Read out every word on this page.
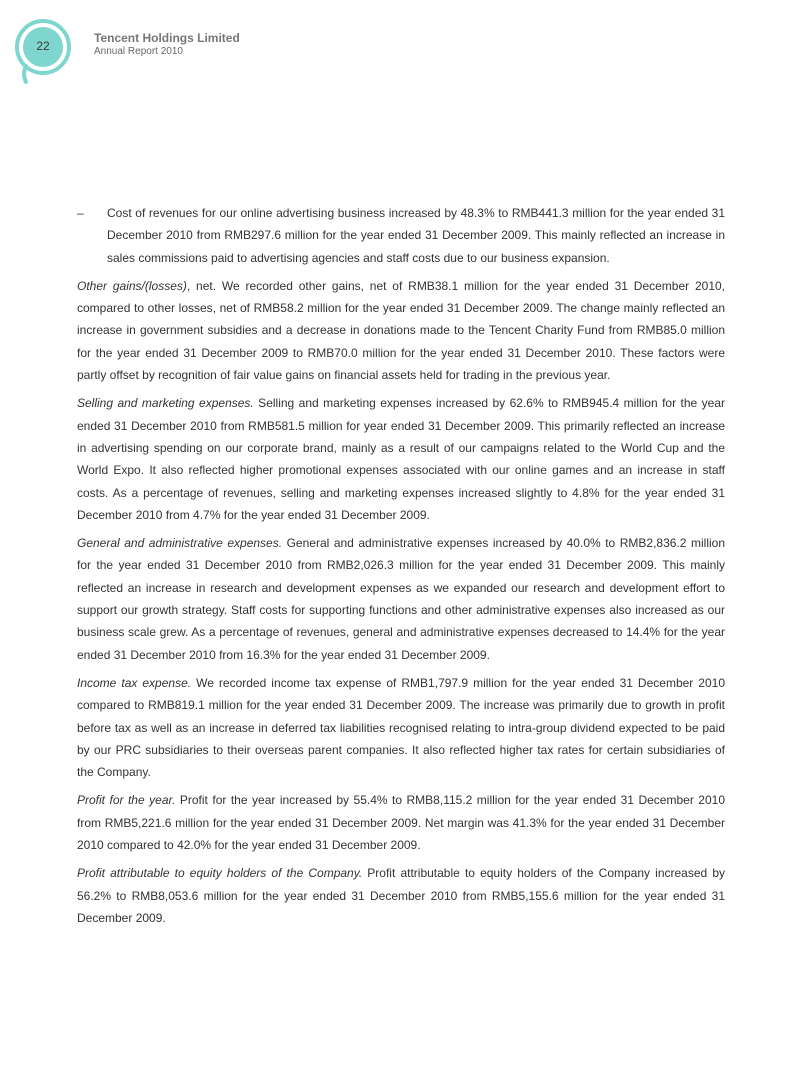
22
Tencent Holdings Limited
Annual Report 2010
– Cost of revenues for our online advertising business increased by 48.3% to RMB441.3 million for the year ended 31 December 2010 from RMB297.6 million for the year ended 31 December 2009. This mainly reflected an increase in sales commissions paid to advertising agencies and staff costs due to our business expansion.

Other gains/(losses), net. We recorded other gains, net of RMB38.1 million for the year ended 31 December 2010, compared to other losses, net of RMB58.2 million for the year ended 31 December 2009. The change mainly reflected an increase in government subsidies and a decrease in donations made to the Tencent Charity Fund from RMB85.0 million for the year ended 31 December 2009 to RMB70.0 million for the year ended 31 December 2010. These factors were partly offset by recognition of fair value gains on financial assets held for trading in the previous year.

Selling and marketing expenses. Selling and marketing expenses increased by 62.6% to RMB945.4 million for the year ended 31 December 2010 from RMB581.5 million for year ended 31 December 2009. This primarily reflected an increase in advertising spending on our corporate brand, mainly as a result of our campaigns related to the World Cup and the World Expo. It also reflected higher promotional expenses associated with our online games and an increase in staff costs. As a percentage of revenues, selling and marketing expenses increased slightly to 4.8% for the year ended 31 December 2010 from 4.7% for the year ended 31 December 2009.

General and administrative expenses. General and administrative expenses increased by 40.0% to RMB2,836.2 million for the year ended 31 December 2010 from RMB2,026.3 million for the year ended 31 December 2009. This mainly reflected an increase in research and development expenses as we expanded our research and development effort to support our growth strategy. Staff costs for supporting functions and other administrative expenses also increased as our business scale grew. As a percentage of revenues, general and administrative expenses decreased to 14.4% for the year ended 31 December 2010 from 16.3% for the year ended 31 December 2009.

Income tax expense. We recorded income tax expense of RMB1,797.9 million for the year ended 31 December 2010 compared to RMB819.1 million for the year ended 31 December 2009. The increase was primarily due to growth in profit before tax as well as an increase in deferred tax liabilities recognised relating to intra-group dividend expected to be paid by our PRC subsidiaries to their overseas parent companies. It also reflected higher tax rates for certain subsidiaries of the Company.

Profit for the year. Profit for the year increased by 55.4% to RMB8,115.2 million for the year ended 31 December 2010 from RMB5,221.6 million for the year ended 31 December 2009. Net margin was 41.3% for the year ended 31 December 2010 compared to 42.0% for the year ended 31 December 2009.

Profit attributable to equity holders of the Company. Profit attributable to equity holders of the Company increased by 56.2% to RMB8,053.6 million for the year ended 31 December 2010 from RMB5,155.6 million for the year ended 31 December 2009.
